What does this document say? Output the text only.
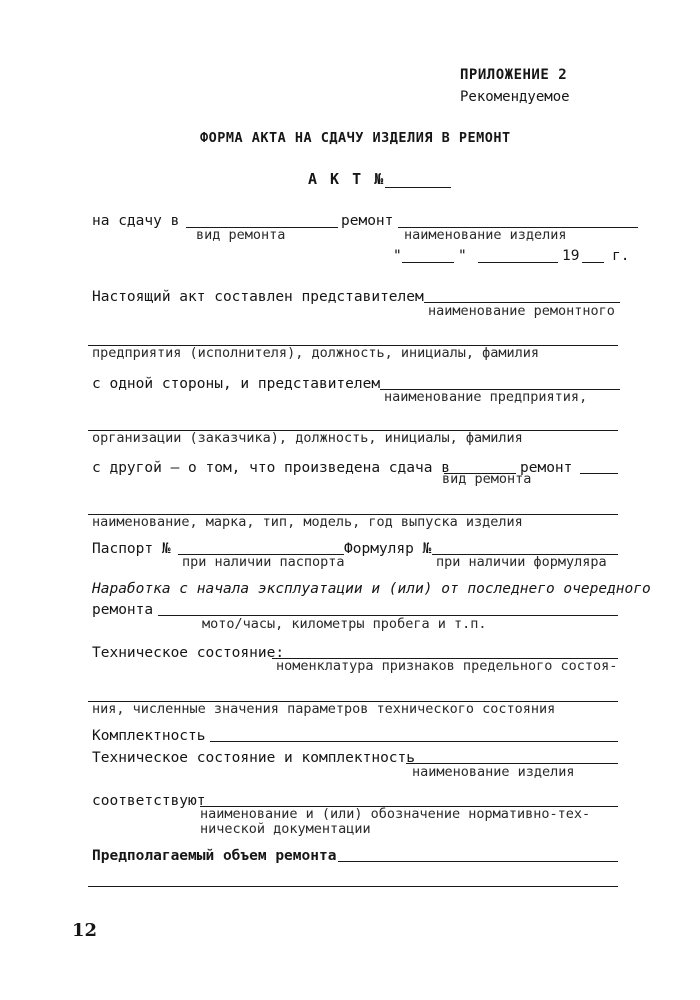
ПРИЛОЖЕНИЕ 2
Рекомендуемое
ФОРМА АКТА НА СДАЧУ ИЗДЕЛИЯ В РЕМОНТ
А К Т №
на сдачу в
вид ремонта
ремонт
наименование изделия
"	"	19 г.
Настоящий акт составлен представителем
наименование ремонтного
предприятия (исполнителя), должность, инициалы, фамилия
с одной стороны, и представителем
наименование предприятия,
организации (заказчика), должность, инициалы, фамилия
с другой – о том, что произведена сдача в
вид ремонта
ремонт
наименование, марка, тип, модель, год выпуска изделия
Паспорт №
при наличии паспорта
Формуляр №
при наличии формуляра
Наработка с начала эксплуатации и (или) от последнего очередного
ремонта
мото/часы, километры пробега и т.п.
Техническое состояние:
номенклатура признаков предельного состоя-
ния, численные значения параметров технического состояния
Комплектность
Техническое состояние и комплектность
наименование изделия
соответствуют
наименование и (или) обозначение нормативно-тех-
нической документации
Предполагаемый объем ремонта
12
